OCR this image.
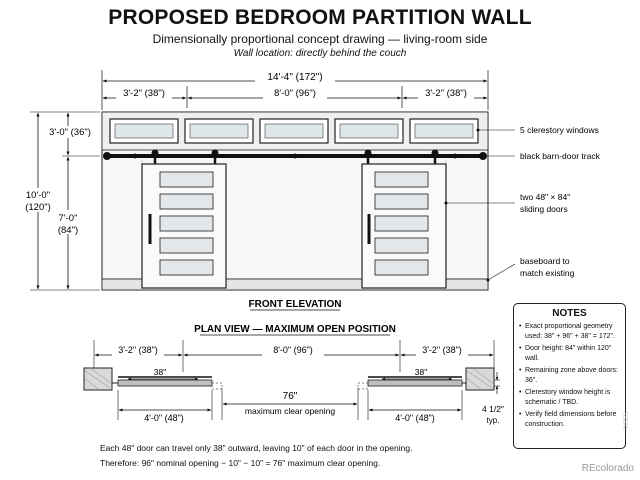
PROPOSED BEDROOM PARTITION WALL
Dimensionally proportional concept drawing — living-room side
Wall location: directly behind the couch
14'-4" (172")
3'-2" (38")	8'-0" (96")	3'-2" (38")
3'-0" (36")
10'-0"
(120")
7'-0"
(84")
5 clerestory windows
black barn-door track
two 48" × 84"
sliding doors
baseboard to
match existing
FRONT ELEVATION
PLAN VIEW — MAXIMUM OPEN POSITION
3'-2" (38")	8'-0" (96")	3'-2" (38")
38"	38"
76"
maximum clear opening
4'-0" (48")	4'-0" (48")
4 1/2"
typ.
NOTES
• Exact proportional geometry used: 38" + 96" + 38" = 172".
• Door height: 84" within 120" wall.
• Remaining zone above doors: 36".
• Clerestory window height is schematic / TBD.
• Verify field dimensions before construction.
Each 48" door can travel only 38" outward, leaving 10" of each door in the opening.
Therefore: 96" nominal opening − 10" − 10" = 76" maximum clear opening.	REcolorado
©IRES
